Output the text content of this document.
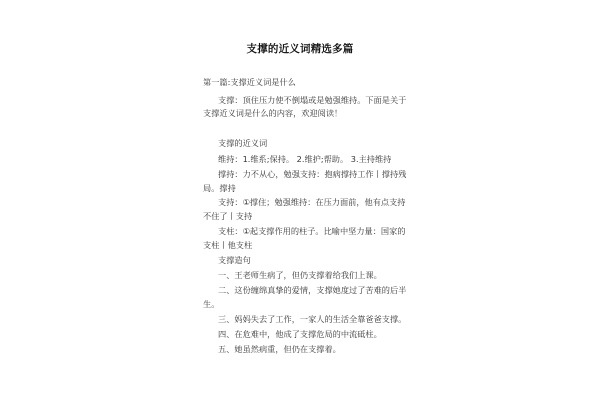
支撑的近义词精选多篇
第一篇:支撑近义词是什么
支撑：顶住压力使不倒塌或是勉强维持。下面是关于
支撑近义词是什么的内容，欢迎阅读！
支撑的近义词
维持：1.维系;保持。 2.维护;帮助。 3.主持维持
撑持：力不从心，勉强支持：抱病撑持工作丨撑持残
局。撑持
支持：①撑住；勉强维持：在压力面前，他有点支持
不住了丨支持
支柱：①起支撑作用的柱子。比喻中坚力量：国家的
支柱丨他支柱
支撑造句
一、王老师生病了，但仍支撑着给我们上课。
二、这份缠绵真挚的爱情，支撑她度过了苦难的后半
生。
三、妈妈失去了工作，一家人的生活全靠爸爸支撑。
四、在危难中，他成了支撑危局的中流砥柱。
五、她虽然病重，但仍在支撑着。
